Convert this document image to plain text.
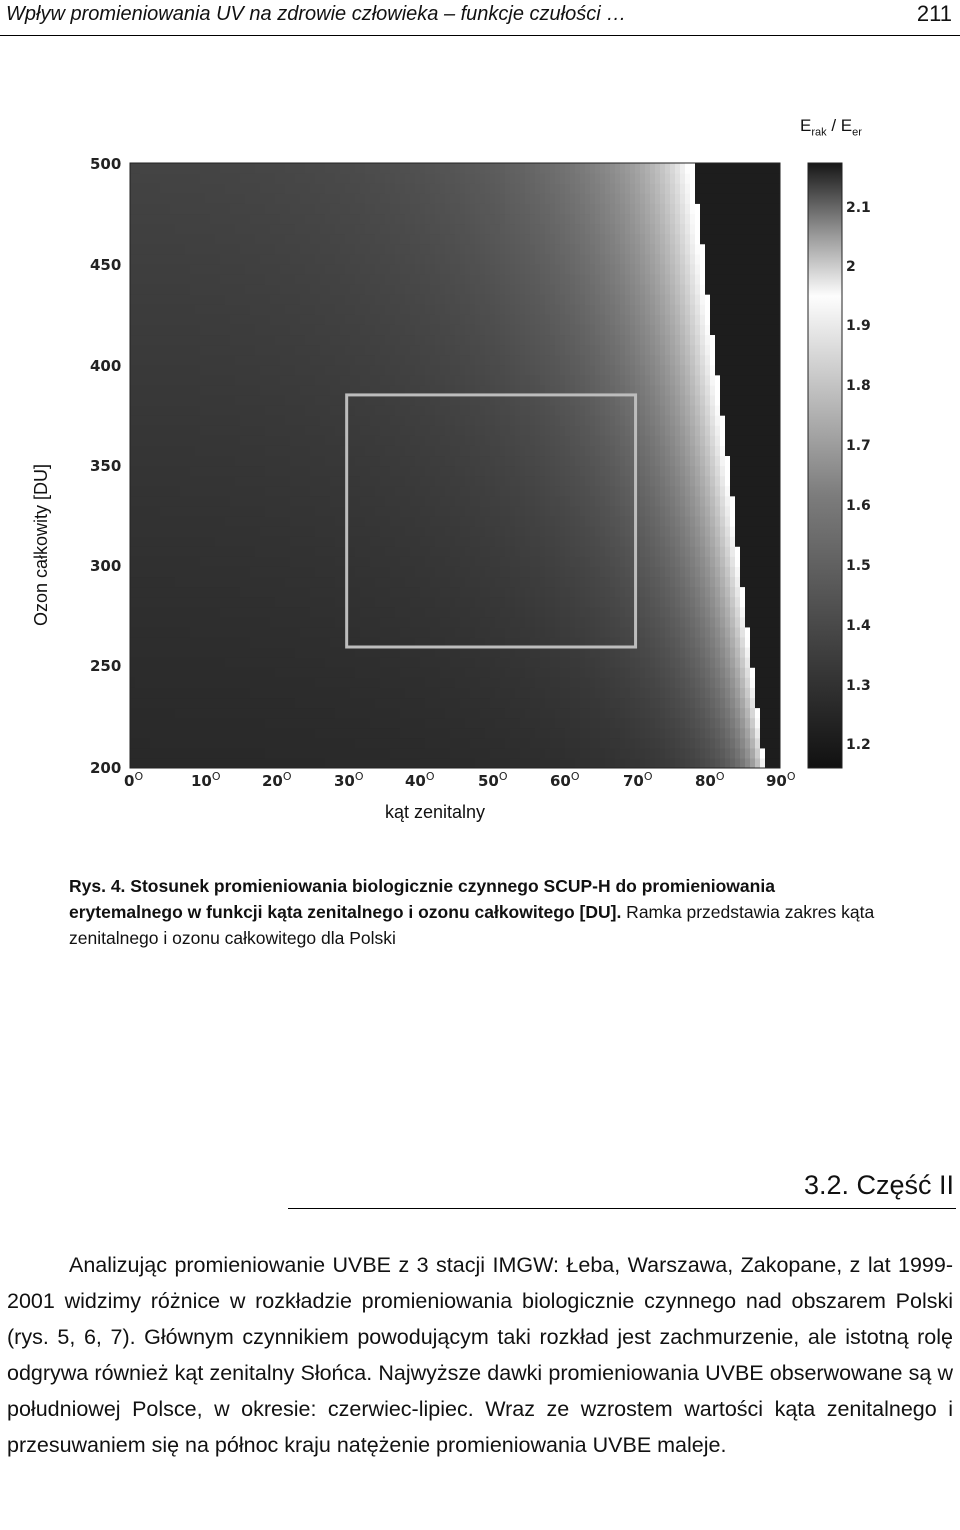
Wpływ promieniowania UV na zdrowie człowieka – funkcje czułości …	211
$E_{rak} / E_{er}$
Ozon całkowity [DU]
kąt zenitalny
500
450
400
350
300
250
200
$0^O$	$10^O$	$20^O$	$30^O$	$40^O$	$50^O$	$60^O$	$70^O$	$80^O$	$90^O$
2.1
2
1.9
1.8
1.7
1.6
1.5
1.4
1.3
1.2
Rys. 4. Stosunek promieniowania biologicznie czynnego SCUP-H do promieniowania erytemalnego w funkcji kąta zenitalnego i ozonu całkowitego [DU]. Ramka przedstawia zakres kąta zenitalnego i ozonu całkowitego dla Polski
3.2. Część II
Analizując promieniowanie UVBE z 3 stacji IMGW: Łeba, Warszawa, Zakopane, z lat 1999-2001 widzimy różnice w rozkładzie promieniowania biologicznie czynnego nad obszarem Polski (rys. 5, 6, 7). Głównym czynnikiem powodującym taki rozkład jest zachmurzenie, ale istotną rolę odgrywa również kąt zenitalny Słońca. Najwyższe dawki promieniowania UVBE obserwowane są w południowej Polsce, w okresie: czerwiec-lipiec. Wraz ze wzrostem wartości kąta zenitalnego i przesuwaniem się na północ kraju natężenie promieniowania UVBE maleje.
